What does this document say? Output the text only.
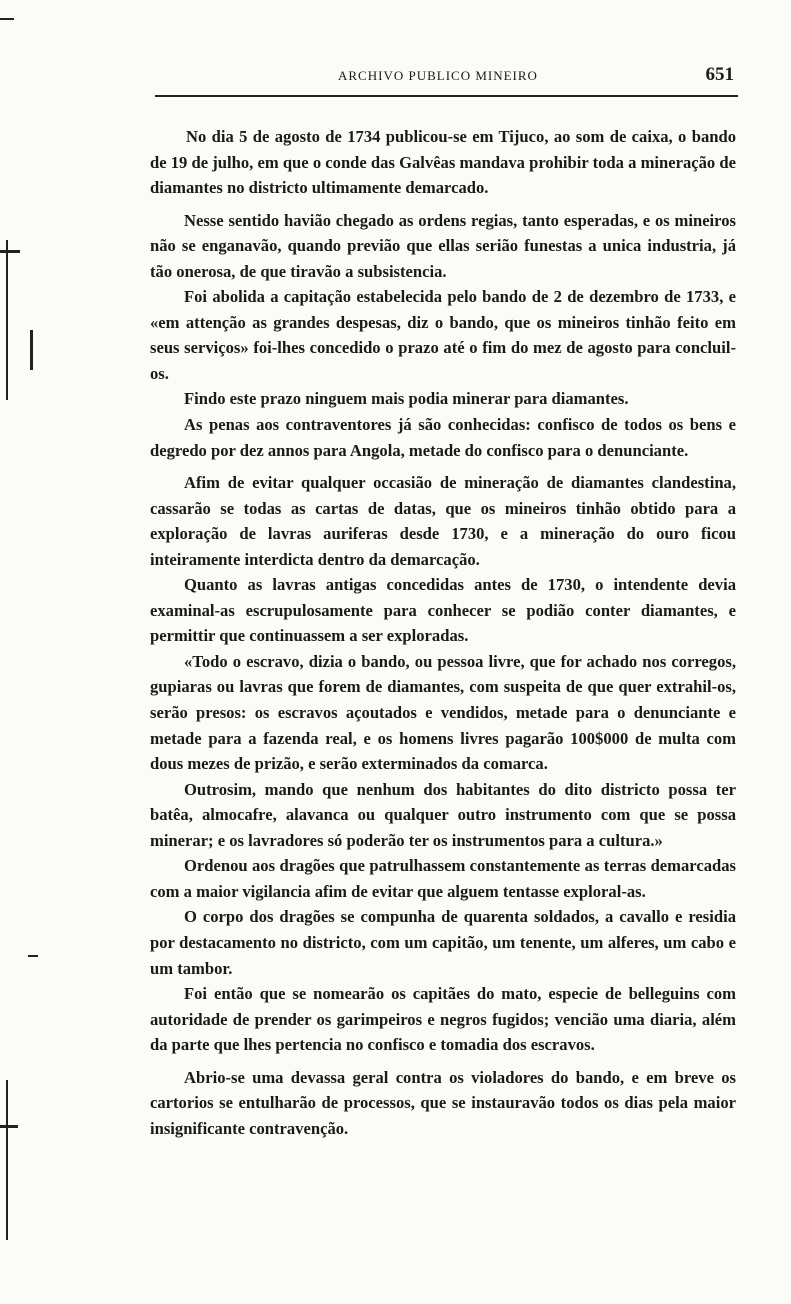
ARCHIVO PUBLICO MINEIRO	651

No dia 5 de agosto de 1734 publicou-se em Tijuco, ao som de caixa, o bando de 19 de julho, em que o conde das Galvêas mandava prohibir toda a mineração de diamantes no districto ultimamente demarcado.

Nesse sentido havião chegado as ordens regias, tanto esperadas, e os mineiros não se enganavão, quando previão que ellas serião funestas a unica industria, já tão onerosa, de que tiravão a subsistencia.

Foi abolida a capitação estabelecida pelo bando de 2 de dezembro de 1733, e «em attenção as grandes despesas, diz o bando, que os mineiros tinhão feito em seus serviços» foi-lhes concedido o prazo até o fim do mez de agosto para concluil-os.

Findo este prazo ninguem mais podia minerar para diamantes.

As penas aos contraventores já são conhecidas: confisco de todos os bens e degredo por dez annos para Angola, metade do confisco para o denunciante.

Afim de evitar qualquer occasião de mineração de diamantes clandestina, cassarão se todas as cartas de datas, que os mineiros tinhão obtido para a exploração de lavras auriferas desde 1730, e a mineração do ouro ficou inteiramente interdicta dentro da demarcação.

Quanto as lavras antigas concedidas antes de 1730, o intendente devia examinal-as escrupulosamente para conhecer se podião conter diamantes, e permittir que continuassem a ser exploradas.

«Todo o escravo, dizia o bando, ou pessoa livre, que for achado nos corregos, gupiaras ou lavras que forem de diamantes, com suspeita de que quer extrahil-os, serão presos: os escravos açoutados e vendidos, metade para o denunciante e metade para a fazenda real, e os homens livres pagarão 100$000 de multa com dous mezes de prizão, e serão exterminados da comarca.

Outrosim, mando que nenhum dos habitantes do dito districto possa ter batêa, almocafre, alavanca ou qualquer outro instrumento com que se possa minerar; e os lavradores só poderão ter os instrumentos para a cultura.»

Ordenou aos dragões que patrulhassem constantemente as terras demarcadas com a maior vigilancia afim de evitar que alguem tentasse exploral-as.

O corpo dos dragões se compunha de quarenta soldados, a cavallo e residia por destacamento no districto, com um capitão, um tenente, um alferes, um cabo e um tambor.

Foi então que se nomearão os capitães do mato, especie de belleguins com autoridade de prender os garimpeiros e negros fugidos; vencião uma diaria, além da parte que lhes pertencia no confisco e tomadia dos escravos.

Abrio-se uma devassa geral contra os violadores do bando, e em breve os cartorios se entulharão de processos, que se instauravão todos os dias pela maior insignificante contravenção.
